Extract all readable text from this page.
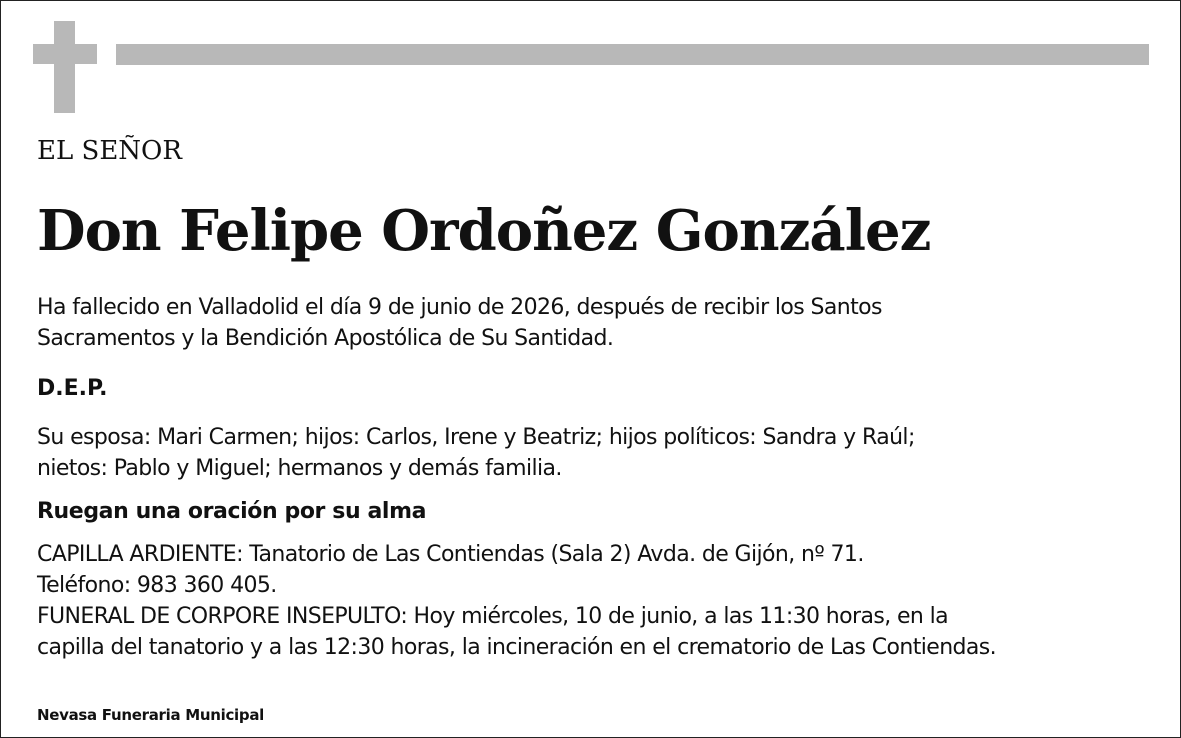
EL SEÑOR
Don Felipe Ordoñez González
Ha fallecido en Valladolid el día 9 de junio de 2026, después de recibir los Santos
Sacramentos y la Bendición Apostólica de Su Santidad.
D.E.P.
Su esposa: Mari Carmen; hijos: Carlos, Irene y Beatriz; hijos políticos: Sandra y Raúl;
nietos: Pablo y Miguel; hermanos y demás familia.
Ruegan una oración por su alma
CAPILLA ARDIENTE: Tanatorio de Las Contiendas (Sala 2) Avda. de Gijón, nº 71.
Teléfono: 983 360 405.
FUNERAL DE CORPORE INSEPULTO: Hoy miércoles, 10 de junio, a las 11:30 horas, en la
capilla del tanatorio y a las 12:30 horas, la incineración en el crematorio de Las Contiendas.
Nevasa Funeraria Municipal
